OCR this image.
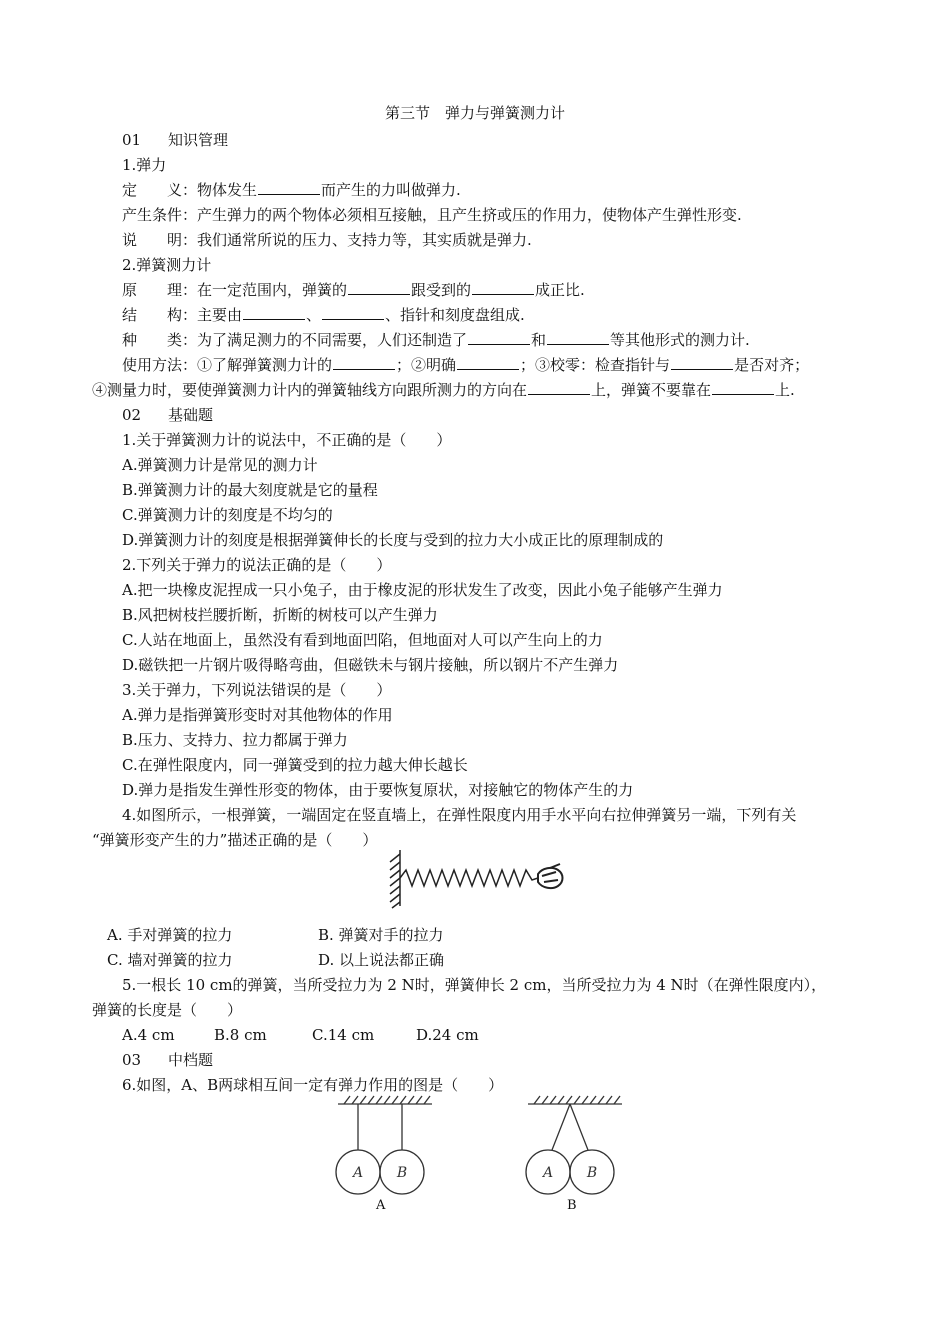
第三节　弹力与弹簧测力计
01 知识管理
1.弹力
定　　义：物体发生	而产生的力叫做弹力.
产生条件：产生弹力的两个物体必须相互接触，且产生挤或压的作用力，使物体产生弹性形变.
说　　明：我们通常所说的压力、支持力等，其实质就是弹力.
2.弹簧测力计
原　　理：在一定范围内，弹簧的	跟受到的	成正比.
结　　构：主要由	、	、指针和刻度盘组成.
种　　类：为了满足测力的不同需要，人们还制造了	和	等其他形式的测力计.
使用方法：①了解弹簧测力计的	；②明确	；③校零：检查指针与	是否对齐；
④测量力时，要使弹簧测力计内的弹簧轴线方向跟所测力的方向在	上，弹簧不要靠在	上.
02 基础题
1.关于弹簧测力计的说法中，不正确的是（　　）
A.弹簧测力计是常见的测力计
B.弹簧测力计的最大刻度就是它的量程
C.弹簧测力计的刻度是不均匀的
D.弹簧测力计的刻度是根据弹簧伸长的长度与受到的拉力大小成正比的原理制成的
2.下列关于弹力的说法正确的是（　　）
A.把一块橡皮泥捏成一只小兔子，由于橡皮泥的形状发生了改变，因此小兔子能够产生弹力
B.风把树枝拦腰折断，折断的树枝可以产生弹力
C.人站在地面上，虽然没有看到地面凹陷，但地面对人可以产生向上的力
D.磁铁把一片钢片吸得略弯曲，但磁铁未与钢片接触，所以钢片不产生弹力
3.关于弹力，下列说法错误的是（　　）
A.弹力是指弹簧形变时对其他物体的作用
B.压力、支持力、拉力都属于弹力
C.在弹性限度内，同一弹簧受到的拉力越大伸长越长
D.弹力是指发生弹性形变的物体，由于要恢复原状，对接触它的物体产生的力
4.如图所示，一根弹簧，一端固定在竖直墙上，在弹性限度内用手水平向右拉伸弹簧另一端，下列有关
“弹簧形变产生的力”描述正确的是（　　）
A. 手对弹簧的拉力	B. 弹簧对手的拉力
C. 墙对弹簧的拉力	D. 以上说法都正确
5.一根长 10 cm的弹簧，当所受拉力为 2 N时，弹簧伸长 2 cm，当所受拉力为 4 N时（在弹性限度内），
弹簧的长度是（　　）
A.4 cm	B.8 cm	C.14 cm	D.24 cm
03 中档题
6.如图，A、B两球相互间一定有弹力作用的图是（　　）
A B
A
A B
B
